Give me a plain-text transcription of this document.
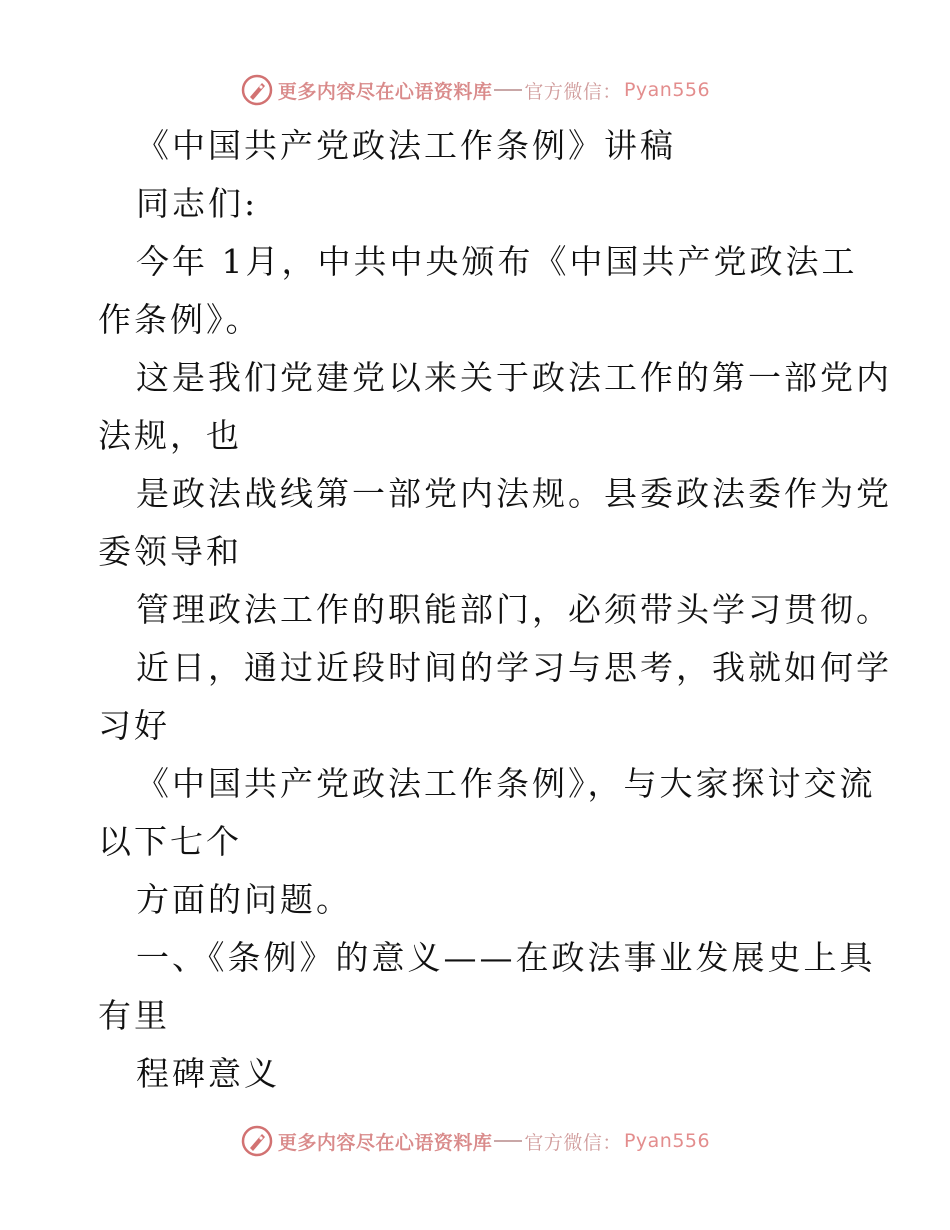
更多内容尽在心语资料库 官方微信： Pyan556
《中国共产党政法工作条例》讲稿
同志们:
今年 1月，中共中央颁布《中国共产党政法工
作条例》。
这是我们党建党以来关于政法工作的第一部党内
法规，也
是政法战线第一部党内法规。县委政法委作为党
委领导和
管理政法工作的职能部门，必须带头学习贯彻。
近日，通过近段时间的学习与思考，我就如何学
习好
《中国共产党政法工作条例》，与大家探讨交流
以下七个
方面的问题。
一、《条例》的意义——在政法事业发展史上具
有里
程碑意义
更多内容尽在心语资料库 官方微信： Pyan556
